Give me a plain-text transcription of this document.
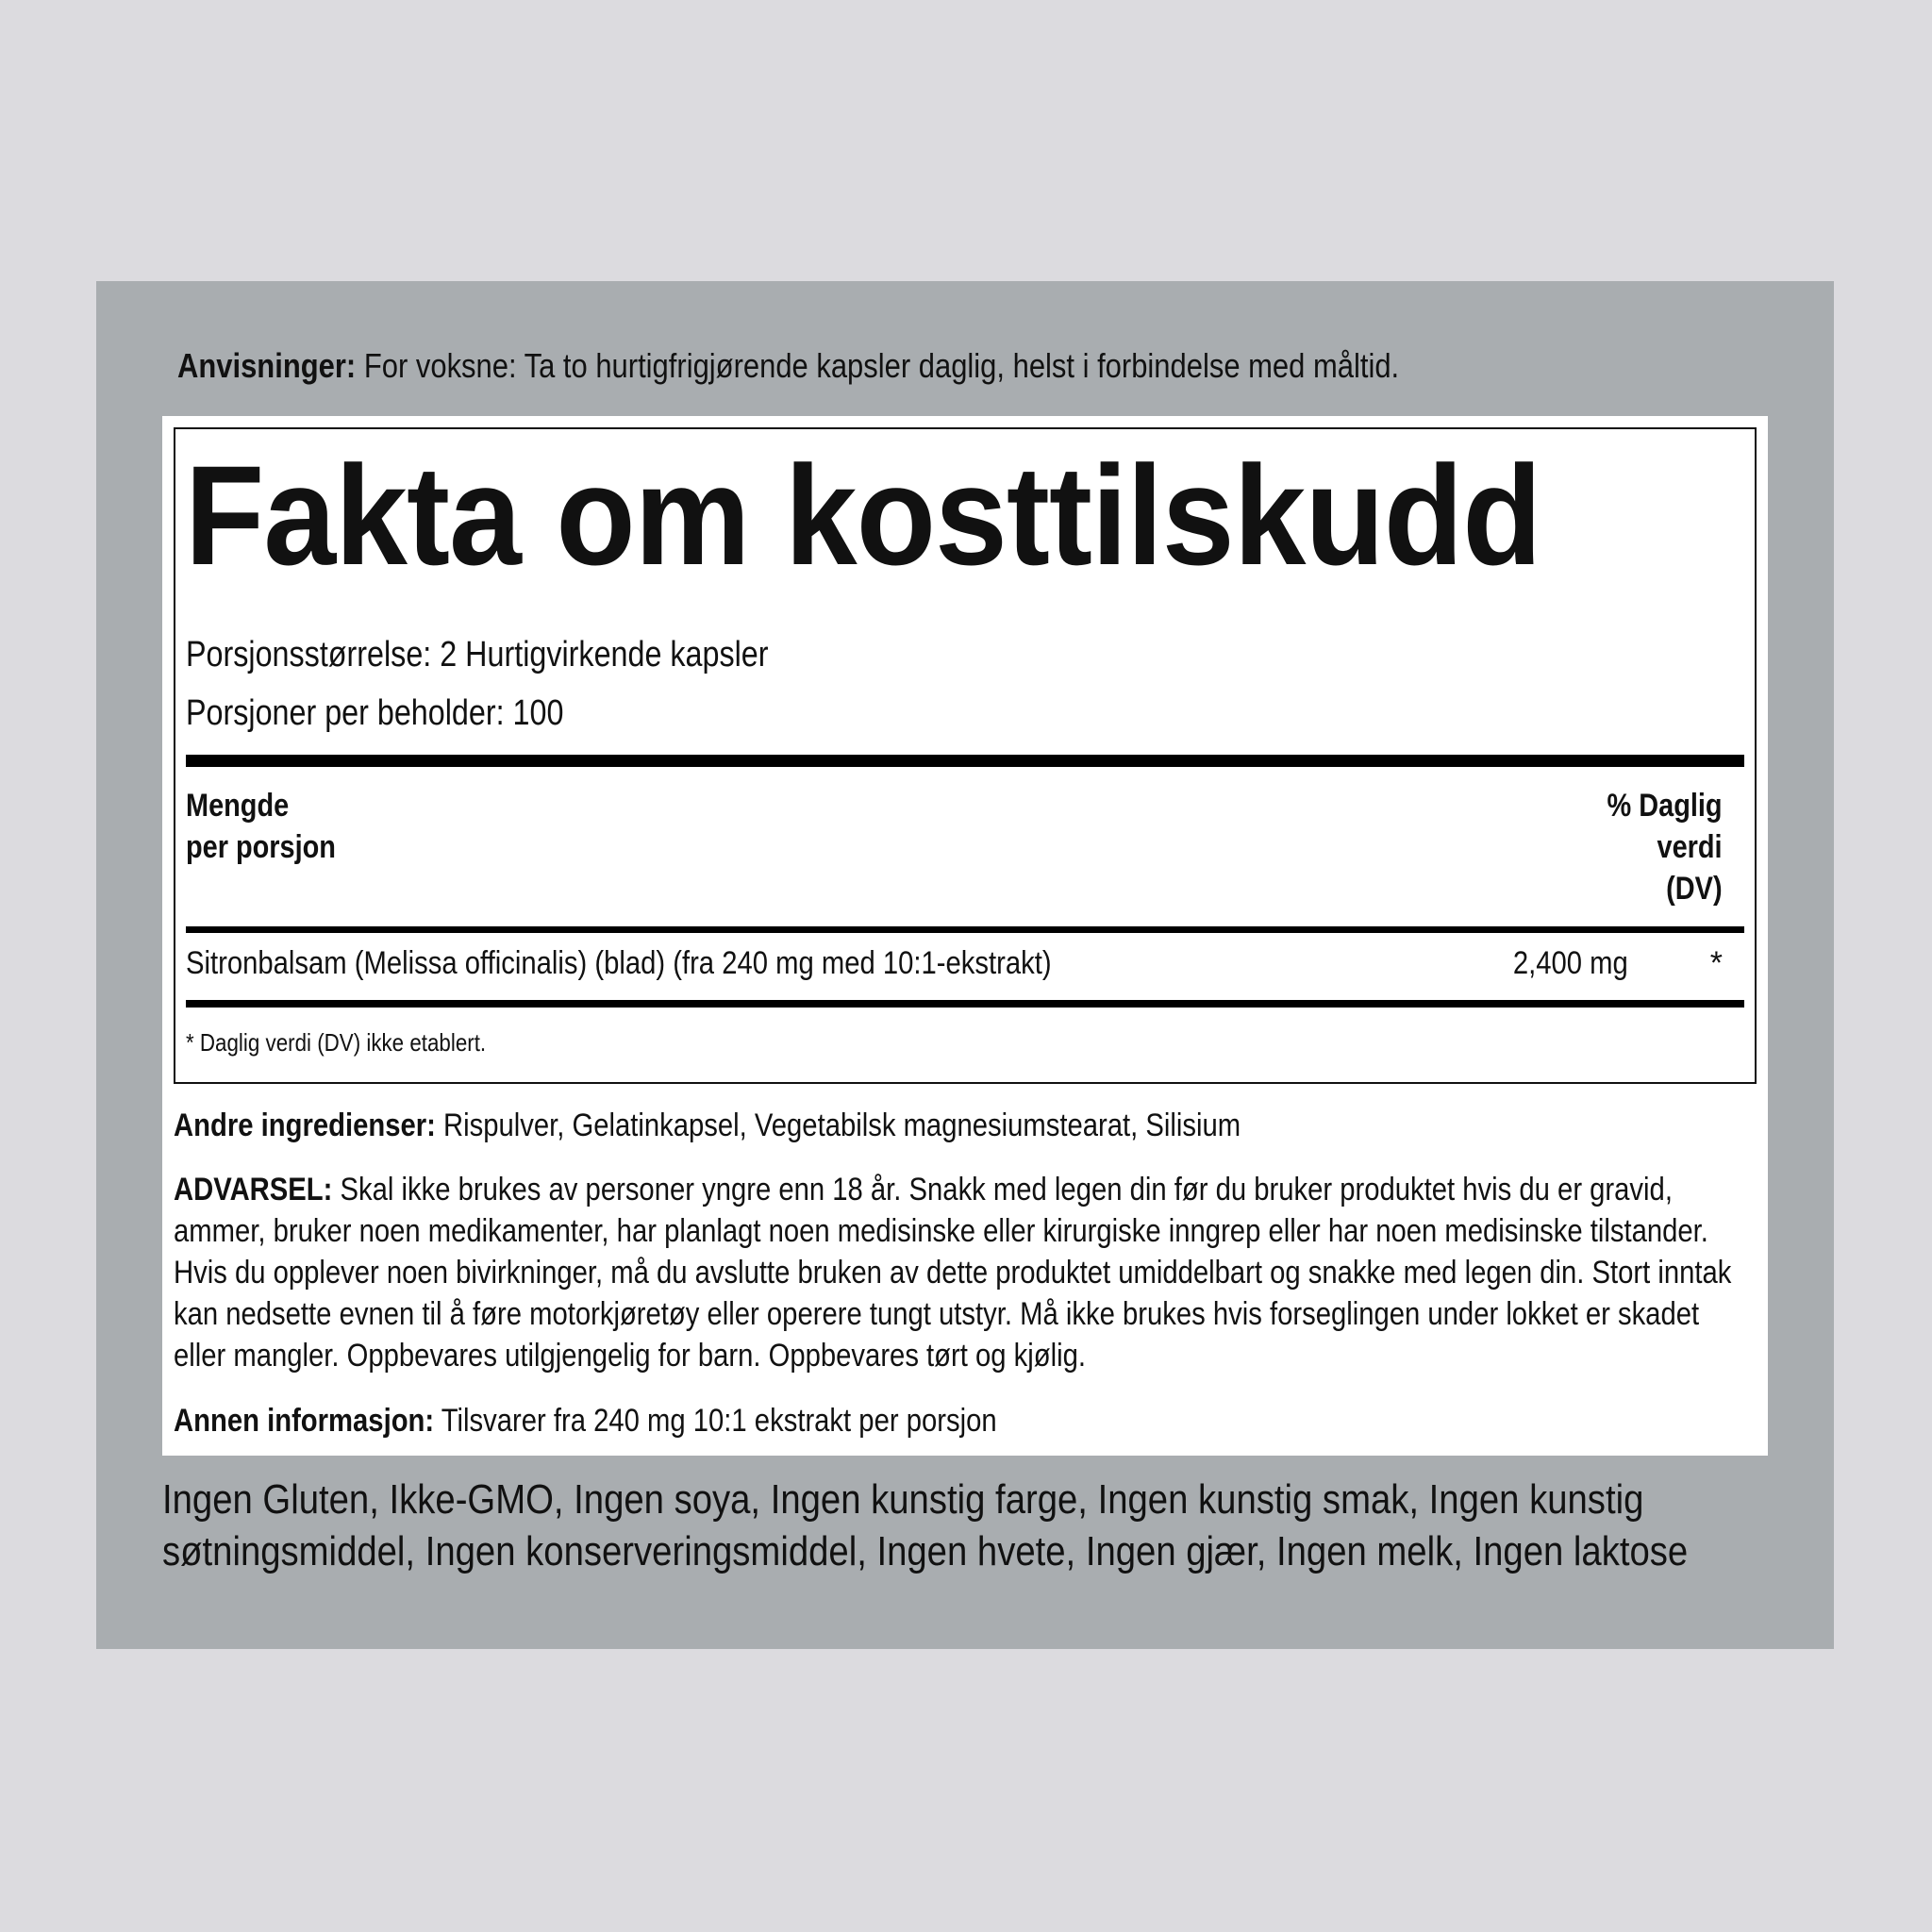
Anvisninger: For voksne: Ta to hurtigfrigjørende kapsler daglig, helst i forbindelse med måltid.
Fakta om kosttilskudd
Porsjonsstørrelse: 2 Hurtigvirkende kapsler
Porsjoner per beholder: 100
Mengde
per porsjon
% Daglig
verdi
(DV)
Sitronbalsam (Melissa officinalis) (blad) (fra 240 mg med 10:1-ekstrakt)	2,400 mg	*
* Daglig verdi (DV) ikke etablert.
Andre ingredienser: Rispulver, Gelatinkapsel, Vegetabilsk magnesiumstearat, Silisium
ADVARSEL: Skal ikke brukes av personer yngre enn 18 år. Snakk med legen din før du bruker produktet hvis du er gravid, ammer, bruker noen medikamenter, har planlagt noen medisinske eller kirurgiske inngrep eller har noen medisinske tilstander. Hvis du opplever noen bivirkninger, må du avslutte bruken av dette produktet umiddelbart og snakke med legen din. Stort inntak kan nedsette evnen til å føre motorkjøretøy eller operere tungt utstyr. Må ikke brukes hvis forseglingen under lokket er skadet eller mangler. Oppbevares utilgjengelig for barn. Oppbevares tørt og kjølig.
Annen informasjon: Tilsvarer fra 240 mg 10:1 ekstrakt per porsjon
Ingen Gluten, Ikke-GMO, Ingen soya, Ingen kunstig farge, Ingen kunstig smak, Ingen kunstig søtningsmiddel, Ingen konserveringsmiddel, Ingen hvete, Ingen gjær, Ingen melk, Ingen laktose
